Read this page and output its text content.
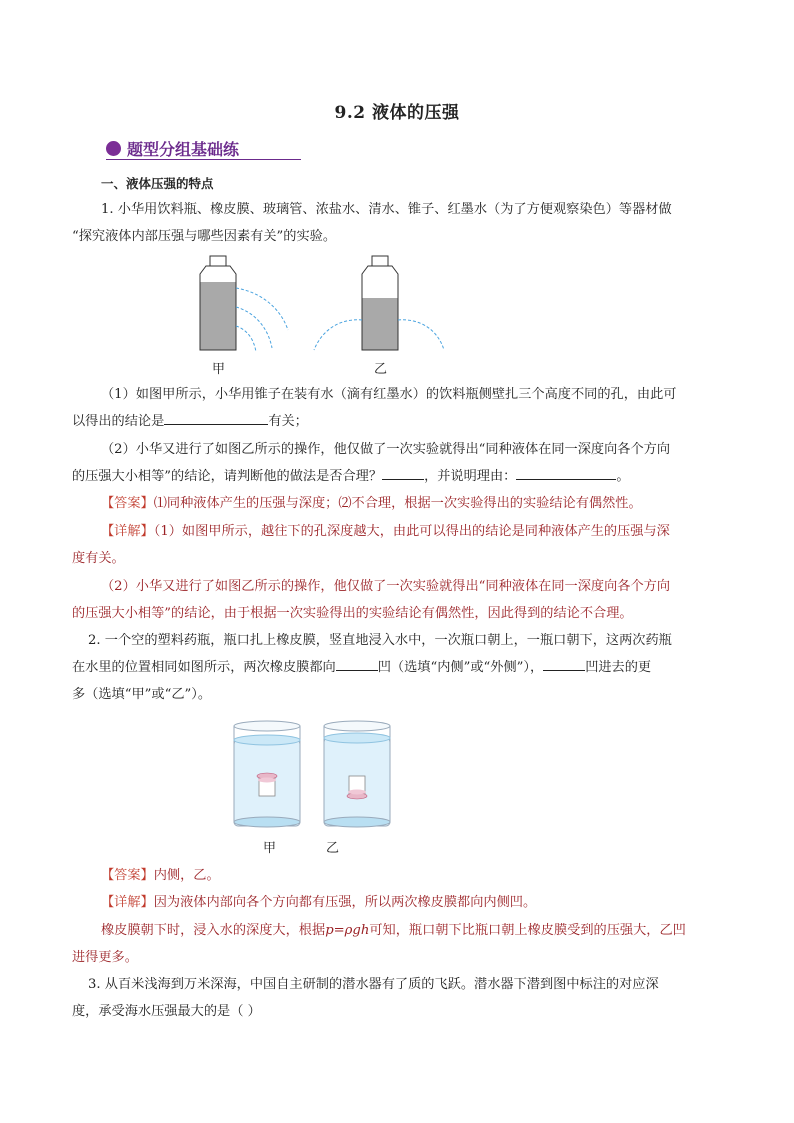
9.2 液体的压强
题型分组基础练
一、液体压强的特点
1. 小华用饮料瓶、橡皮膜、玻璃管、浓盐水、清水、锥子、红墨水（为了方便观察染色）等器材做
“探究液体内部压强与哪些因素有关”的实验。
甲	乙
（1）如图甲所示，小华用锥子在装有水（滴有红墨水）的饮料瓶侧壁扎三个高度不同的孔，由此可
以得出的结论是	有关；
（2）小华又进行了如图乙所示的操作，他仅做了一次实验就得出“同种液体在同一深度向各个方向
的压强大小相等”的结论，请判断他的做法是否合理？	，并说明理由：	。
【答案】⑴同种液体产生的压强与深度；⑵不合理，根据一次实验得出的实验结论有偶然性。
【详解】（1）如图甲所示，越往下的孔深度越大，由此可以得出的结论是同种液体产生的压强与深
度有关。
（2）小华又进行了如图乙所示的操作，他仅做了一次实验就得出“同种液体在同一深度向各个方向
的压强大小相等”的结论，由于根据一次实验得出的实验结论有偶然性，因此得到的结论不合理。
2. 一个空的塑料药瓶，瓶口扎上橡皮膜，竖直地浸入水中，一次瓶口朝上，一瓶口朝下，这两次药瓶
在水里的位置相同如图所示，两次橡皮膜都向	凹（选填“内侧”或“外侧”），	凹进去的更
多（选填“甲”或“乙”）。
甲	乙
【答案】内侧，乙。
【详解】因为液体内部向各个方向都有压强，所以两次橡皮膜都向内侧凹。
橡皮膜朝下时，浸入水的深度大，根据p=ρgh可知，瓶口朝下比瓶口朝上橡皮膜受到的压强大，乙凹
进得更多。
3. 从百米浅海到万米深海，中国自主研制的潜水器有了质的飞跃。潜水器下潜到图中标注的对应深
度，承受海水压强最大的是（ ）
